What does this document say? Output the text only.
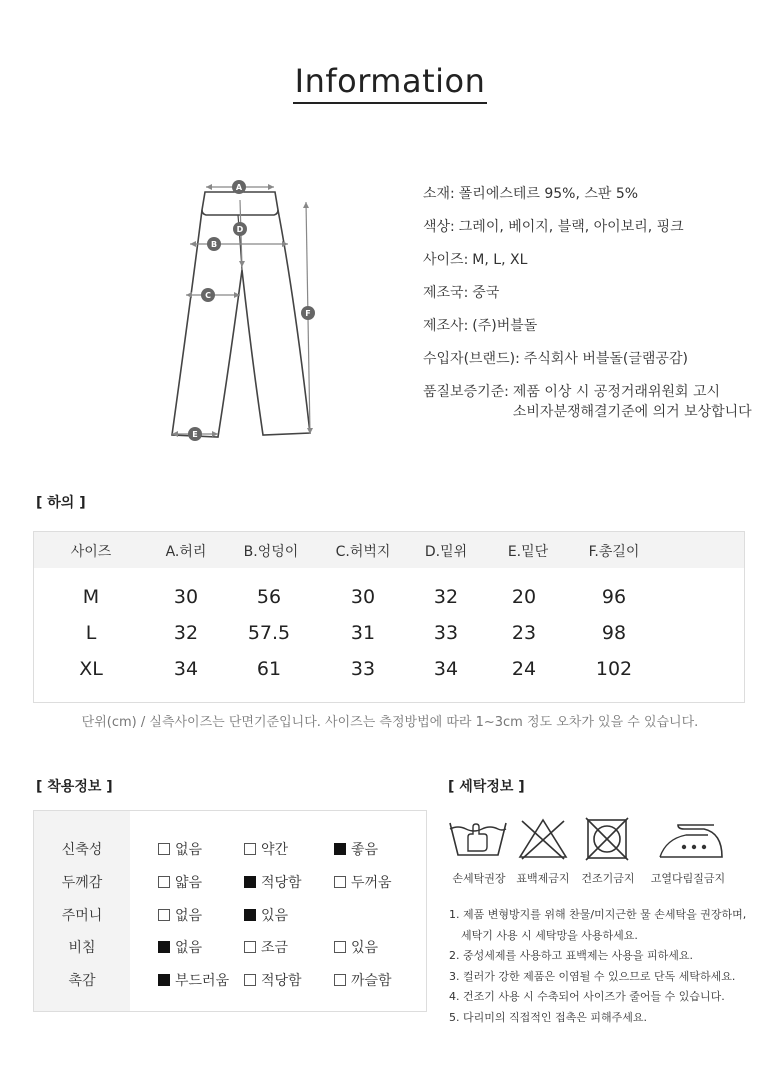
Information
A
B
C
D
E
F
소재: 폴리에스테르 95%, 스판 5%
색상: 그레이, 베이지, 블랙, 아이보리, 핑크
사이즈: M, L, XL
제조국: 중국
제조사: (주)버블돌
수입자(브랜드): 주식회사 버블돌(글램공감)
품질보증기준: 제품 이상 시 공정거래위원회 고시
소비자분쟁해결기준에 의거 보상합니다
[ 하의 ]
사이즈	A.허리	B.엉덩이	C.허벅지 D.밑위	E.밑단	F.총길이
M	30	56	30	32	20	96
L	32	57.5	31	33	23	98
XL	34	61	33	34	24	102
단위(cm) / 실측사이즈는 단면기준입니다. 사이즈는 측정방법에 따라 1~3cm 정도 오차가 있을 수 있습니다.
[ 착용정보 ]
신축성	없음	약간	좋음
두께감	얇음	적당함	두꺼움
주머니	없음	있음
비침	없음	조금	있음
촉감	부드러움 적당함	까슬함
[ 세탁정보 ]
손세탁권장 표백제금지 건조기금지 고열다림질금지
1. 제품 변형방지를 위해 찬물/미지근한 물 손세탁을 권장하며,
세탁기 사용 시 세탁망을 사용하세요.
2. 중성세제를 사용하고 표백제는 사용을 피하세요.
3. 컬러가 강한 제품은 이염될 수 있으므로 단독 세탁하세요.
4. 건조기 사용 시 수축되어 사이즈가 줄어들 수 있습니다.
5. 다리미의 직접적인 접촉은 피해주세요.
